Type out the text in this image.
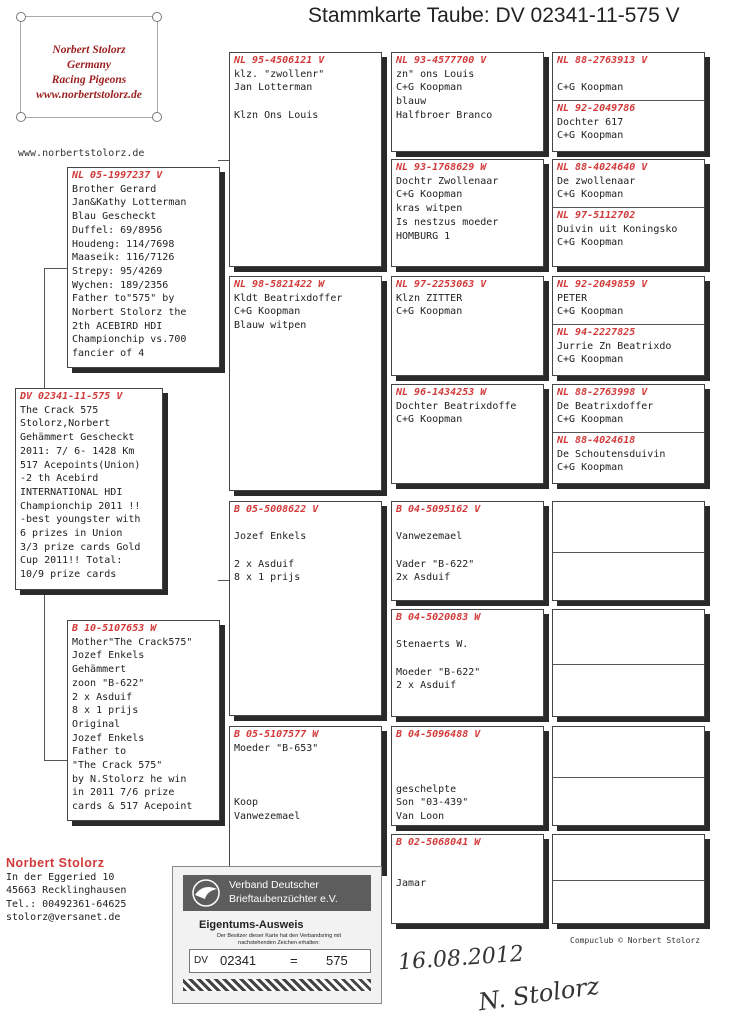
Stammkarte Taube: DV 02341-11-575 V
Norbert Stolorz
Germany
Racing Pigeons
www.norbertstolorz.de
www.norbertstolorz.de
DV 02341-11-575 V
The Crack 575
Stolorz,Norbert
Gehämmert Gescheckt
2011: 7/ 6- 1428 Km
517 Acepoints(Union)
-2 th Acebird
INTERNATIONAL HDI
Championchip 2011 !!
-best youngster with
6 prizes in Union
3/3 prize cards Gold
Cup 2011!! Total:
10/9 prize cards
NL 05-1997237 V
Brother Gerard
Jan&Kathy Lotterman
Blau Gescheckt
Duffel: 69/8956
Houdeng: 114/7698
Maaseik: 116/7126
Strepy: 95/4269
Wychen: 189/2356
Father to"575" by
Norbert Stolorz the
2th ACEBIRD HDI
Championchip vs.700
fancier of 4
B 10-5107653 W
Mother"The Crack575"
Jozef Enkels
Gehämmert
zoon "B-622"
2 x Asduif
8 x 1 prijs
Original
Jozef Enkels
Father to
"The Crack 575"
by N.Stolorz he win
in 2011 7/6 prize
cards & 517 Acepoint
NL 95-4506121 V
klz. "zwollenr"
Jan Lotterman
Klzn Ons Louis
NL 98-5821422 W
Kldt Beatrixdoffer
C+G Koopman
Blauw witpen
B 05-5008622 V
Jozef Enkels
2 x Asduif
8 x 1 prijs
B 05-5107577 W
Moeder "B-653"
Koop
Vanwezemael
NL 93-4577700 V
zn" ons Louis
C+G Koopman
blauw
Halfbroer Branco
NL 93-1768629 W
Dochtr Zwollenaar
C+G Koopman
kras witpen
Is nestzus moeder
HOMBURG 1
NL 97-2253063 V
Klzn ZITTER
C+G Koopman
NL 96-1434253 W
Dochter Beatrixdoffe
C+G Koopman
B 04-5095162 V
Vanwezemael
Vader "B-622"
2x Asduif
B 04-5020083 W
Stenaerts W.
Moeder "B-622"
2 x Asduif
B 04-5096488 V
geschelpte
Son "03-439"
Van Loon
B 02-5068041 W
Jamar
NL 88-2763913 V
C+G Koopman
NL 92-2049786
Dochter 617
C+G Koopman
NL 88-4024640 V
De zwollenaar
C+G Koopman
NL 97-5112702
Duivin uit Koningsko
C+G Koopman
NL 92-2049859 V
PETER
C+G Koopman
NL 94-2227825
Jurrie Zn Beatrixdo
C+G Koopman
NL 88-2763998 V
De Beatrixdoffer
C+G Koopman
NL 88-4024618
De Schoutensduivin
C+G Koopman
Norbert Stolorz
In der Eggeried 10
45663 Recklinghausen
Tel.: 00492361-64625
stolorz@versanet.de
Compuclub © Norbert Stolorz
Verband Deutscher
Brieftaubenzüchter e.V.
Eigentums-Ausweis
Der Besitzer dieser Karte hat den Verbandsring mit nachstehenden Zeichen erhalten:
DV 02341	= 575 16.08.2012
N. Stolorz
